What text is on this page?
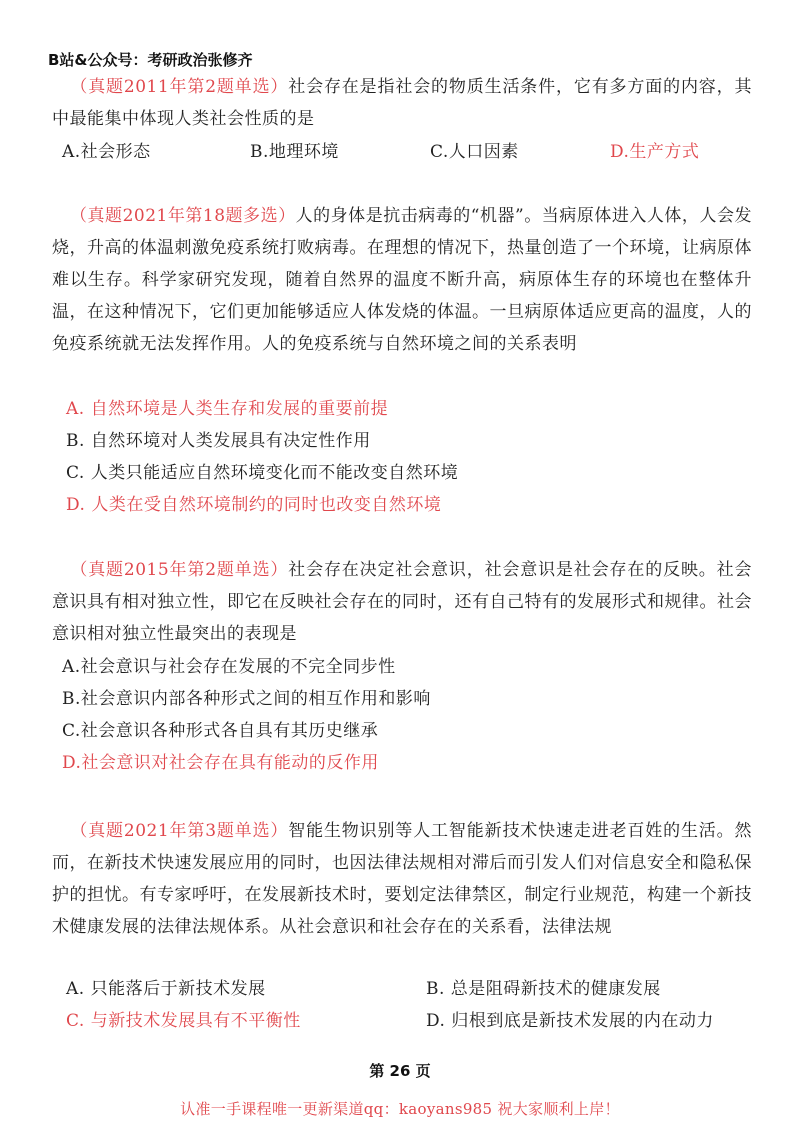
B站&公众号：考研政治张修齐
（真题2011年第2题单选）社会存在是指社会的物质生活条件，它有多方面的内容，其中最能集中体现人类社会性质的是
A.社会形态	B.地理环境	C.人口因素	D.生产方式
（真题2021年第18题多选）人的身体是抗击病毒的“机器”。当病原体进入人体，人会发烧，升高的体温刺激免疫系统打败病毒。在理想的情况下，热量创造了一个环境，让病原体难以生存。科学家研究发现，随着自然界的温度不断升高，病原体生存的环境也在整体升温，在这种情况下，它们更加能够适应人体发烧的体温。一旦病原体适应更高的温度，人的免疫系统就无法发挥作用。人的免疫系统与自然环境之间的关系表明
A. 自然环境是人类生存和发展的重要前提
B. 自然环境对人类发展具有决定性作用
C. 人类只能适应自然环境变化而不能改变自然环境
D. 人类在受自然环境制约的同时也改变自然环境
（真题2015年第2题单选）社会存在决定社会意识，社会意识是社会存在的反映。社会意识具有相对独立性，即它在反映社会存在的同时，还有自己特有的发展形式和规律。社会意识相对独立性最突出的表现是
A.社会意识与社会存在发展的不完全同步性
B.社会意识内部各种形式之间的相互作用和影响
C.社会意识各种形式各自具有其历史继承
D.社会意识对社会存在具有能动的反作用
（真题2021年第3题单选）智能生物识别等人工智能新技术快速走进老百姓的生活。然而，在新技术快速发展应用的同时，也因法律法规相对滞后而引发人们对信息安全和隐私保护的担忧。有专家呼吁，在发展新技术时，要划定法律禁区，制定行业规范，构建一个新技术健康发展的法律法规体系。从社会意识和社会存在的关系看，法律法规
A. 只能落后于新技术发展	B. 总是阻碍新技术的健康发展
C. 与新技术发展具有不平衡性	D. 归根到底是新技术发展的内在动力
第 26 页
认准一手课程唯一更新渠道qq：kaoyans985 祝大家顺利上岸！
